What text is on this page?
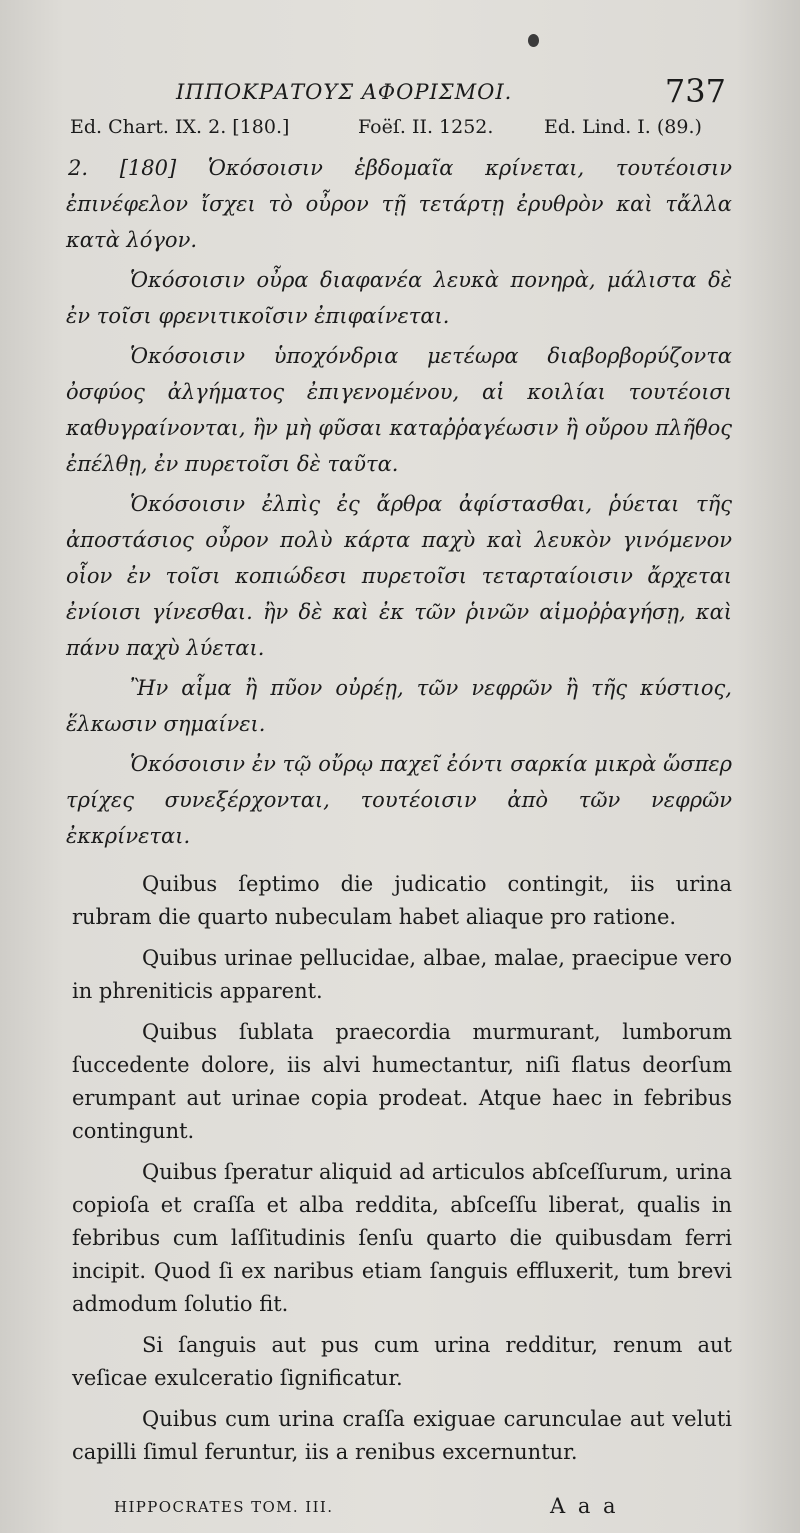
ΙΠΠΟΚΡΑΤΟΥΣ ΑΦΟΡΙΣΜΟΙ.	737
Ed. Chart. IX. 2. [180.]	Foëſ. II. 1252.	Ed. Lind. I. (89.)

2. [180] Ὁκόσοισιν ἑβδομαῖα κρίνεται, τουτέοισιν ἐπινέφελον ἴσχει τὸ οὖρον τῇ τετάρτῃ ἐρυθρὸν καὶ τἄλλα κατὰ λόγον.

Ὁκόσοισιν οὖρα διαφανέα λευκὰ πονηρὰ, μάλιστα δὲ ἐν τοῖσι φρενιτικοῖσιν ἐπιφαίνεται.

Ὁκόσοισιν ὑποχόνδρια μετέωρα διαβορβορύζοντα ὀσφύος ἀλγήματος ἐπιγενομένου, αἱ κοιλίαι τουτέοισι καθυγραίνονται, ἢν μὴ φῦσαι καταῤῥαγέωσιν ἢ οὔρου πλῆθος ἐπέλθῃ, ἐν πυρετοῖσι δὲ ταῦτα.

Ὁκόσοισιν ἐλπὶς ἐς ἄρθρα ἀφίστασθαι, ῥύεται τῆς ἀποστάσιος οὖρον πολὺ κάρτα παχὺ καὶ λευκὸν γινόμενον οἷον ἐν τοῖσι κοπιώδεσι πυρετοῖσι τεταρταίοισιν ἄρχεται ἐνίοισι γίνεσθαι. ἢν δὲ καὶ ἐκ τῶν ῥινῶν αἱμοῤῥαγήσῃ, καὶ πάνυ παχὺ λύεται.

Ἢν αἷμα ἢ πῦον οὐρέῃ, τῶν νεφρῶν ἢ τῆς κύστιος, ἕλκωσιν σημαίνει.

Ὁκόσοισιν ἐν τῷ οὔρῳ παχεῖ ἐόντι σαρκία μικρὰ ὥσπερ τρίχες συνεξέρχονται, τουτέοισιν ἀπὸ τῶν νεφρῶν ἐκκρίνεται.

Quibus ſeptimo die judicatio contingit, iis urina rubram die quarto nubeculam habet aliaque pro ratione.

Quibus urinae pellucidae, albae, malae, praecipue vero in phreniticis apparent.

Quibus ſublata praecordia murmurant, lumborum ſuccedente dolore, iis alvi humectantur, niſi flatus deorſum erumpant aut urinae copia prodeat. Atque haec in febribus contingunt.

Quibus ſperatur aliquid ad articulos abſceſſurum, urina copioſa et craſſa et alba reddita, abſceſſu liberat, qualis in febribus cum laſſitudinis ſenſu quarto die quibusdam ferri incipit. Quod ſi ex naribus etiam ſanguis effluxerit, tum brevi admodum ſolutio fit.

Si ſanguis aut pus cum urina redditur, renum aut veſicae exulceratio ſignificatur.

Quibus cum urina craſſa exiguae carunculae aut veluti capilli ſimul feruntur, iis a renibus excernuntur.

HIPPOCRATES TOM. III.	A a a
